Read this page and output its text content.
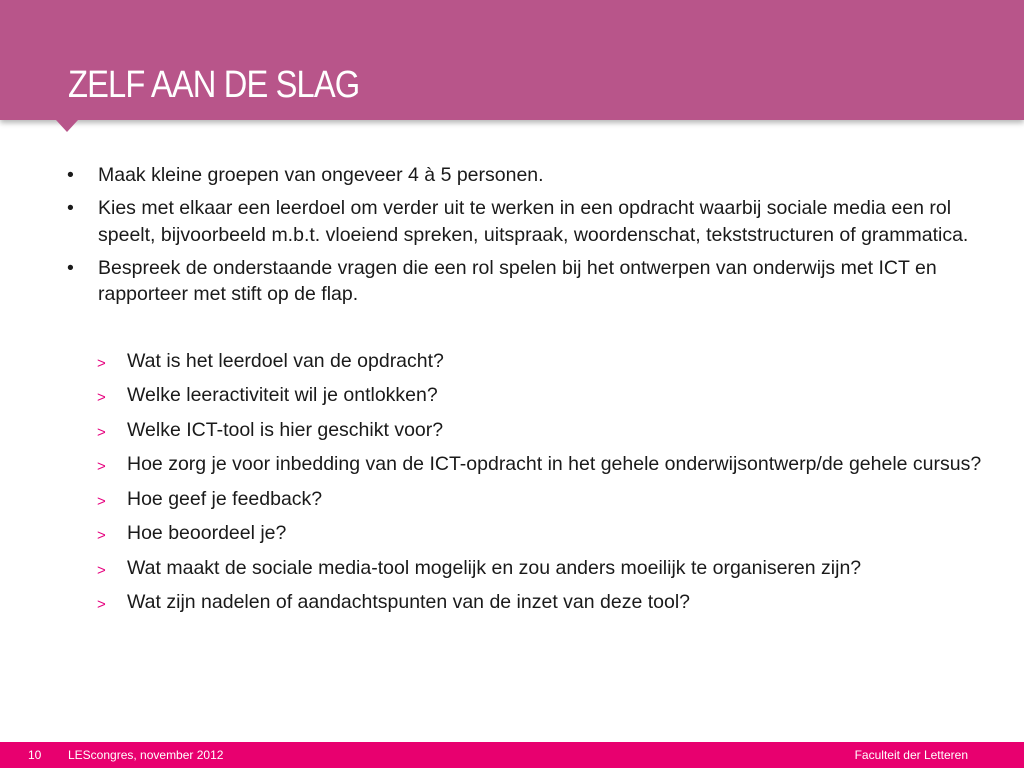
ZELF AAN DE SLAG
• Maak kleine groepen van ongeveer 4 à 5 personen.
• Kies met elkaar een leerdoel om verder uit te werken in een opdracht waarbij sociale media een rol speelt, bijvoorbeeld m.b.t. vloeiend spreken, uitspraak, woordenschat, tekststructuren of grammatica.
• Bespreek de onderstaande vragen die een rol spelen bij het ontwerpen van onderwijs met ICT en rapporteer met stift op de flap.
> Wat is het leerdoel van de opdracht?
> Welke leeractiviteit wil je ontlokken?
> Welke ICT-tool is hier geschikt voor?
> Hoe zorg je voor inbedding van de ICT-opdracht in het gehele onderwijsontwerp/de gehele cursus?
> Hoe geef je feedback?
> Hoe beoordeel je?
> Wat maakt de sociale media-tool mogelijk en zou anders moeilijk te organiseren zijn?
> Wat zijn nadelen of aandachtspunten van de inzet van deze tool?
10 LEScongres, november 2012	Faculteit der Letteren
